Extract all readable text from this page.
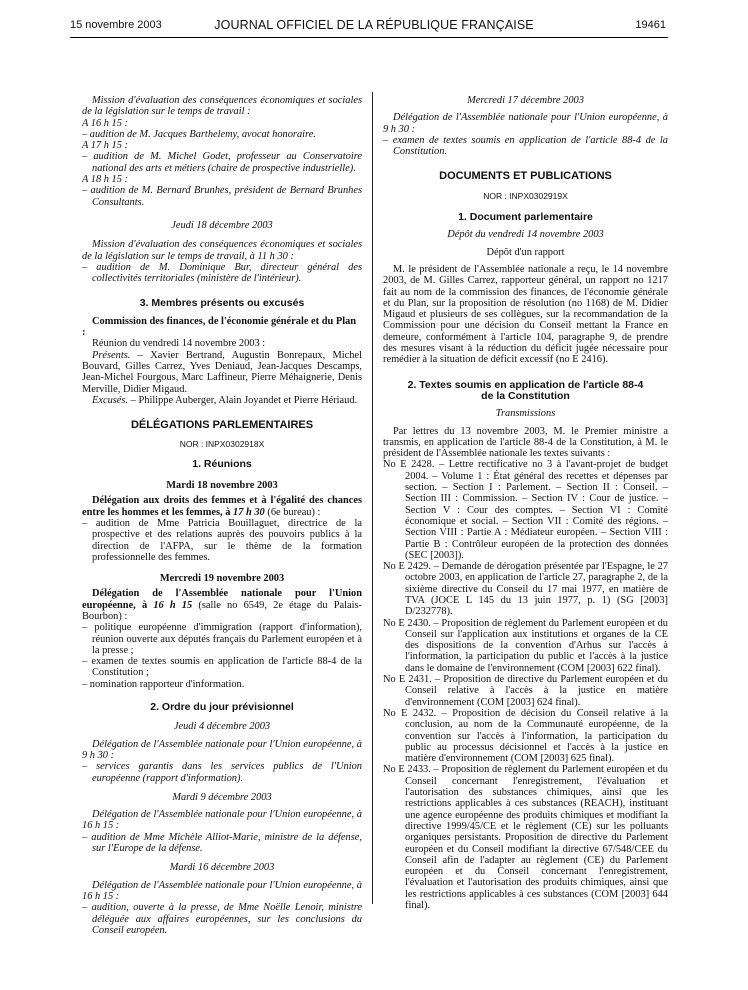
15 novembre 2003	JOURNAL OFFICIEL DE LA RÉPUBLIQUE FRANÇAISE	19461

Mission d'évaluation des conséquences économiques et sociales de la législation sur le temps de travail :

A 16 h 15 :

– audition de M. Jacques Barthelemy, avocat honoraire.

A 17 h 15 :

– audition de M. Michel Godet, professeur au Conservatoire national des arts et métiers (chaire de prospective industrielle).

A 18 h 15 :

– audition de M. Bernard Brunhes, président de Bernard Brunhes Consultants.

Jeudi 18 décembre 2003

Mission d'évaluation des conséquences économiques et sociales de la législation sur le temps de travail, à 11 h 30 :

– audition de M. Dominique Bur, directeur général des collectivités territoriales (ministère de l'intérieur).

3. Membres présents ou excusés

Commission des finances, de l'économie générale et du Plan :

Réunion du vendredi 14 novembre 2003 :

Présents. – Xavier Bertrand, Augustin Bonrepaux, Michel Bouvard, Gilles Carrez, Yves Deniaud, Jean-Jacques Descamps, Jean-Michel Fourgous, Marc Laffineur, Pierre Méhaignerie, Denis Merville, Didier Migaud.

Excusés. – Philippe Auberger, Alain Joyandet et Pierre Hériaud.

DÉLÉGATIONS PARLEMENTAIRES

NOR : INPX0302918X

1. Réunions

Mardi 18 novembre 2003

Délégation aux droits des femmes et à l'égalité des chances entre les hommes et les femmes, à 17 h 30 (6e bureau) :

– audition de Mme Patricia Bouillaguet, directrice de la prospective et des relations auprès des pouvoirs publics à la direction de l'AFPA, sur le thème de la formation professionnelle des femmes.

Mercredi 19 novembre 2003

Délégation de l'Assemblée nationale pour l'Union européenne, à 16 h 15 (salle no 6549, 2e étage du Palais-Bourbon) :

– politique européenne d'immigration (rapport d'information), réunion ouverte aux députés français du Parlement européen et à la presse ;

– examen de textes soumis en application de l'article 88-4 de la Constitution ;

– nomination rapporteur d'information.

2. Ordre du jour prévisionnel

Jeudi 4 décembre 2003

Délégation de l'Assemblée nationale pour l'Union européenne, à 9 h 30 :

– services garantis dans les services publics de l'Union européenne (rapport d'information).

Mardi 9 décembre 2003

Délégation de l'Assemblée nationale pour l'Union européenne, à 16 h 15 :

– audition de Mme Michèle Alliot-Marie, ministre de la défense, sur l'Europe de la défense.

Mardi 16 décembre 2003

Délégation de l'Assemblée nationale pour l'Union européenne, à 16 h 15 :

– audition, ouverte à la presse, de Mme Noëlle Lenoir, ministre déléguée aux affaires européennes, sur les conclusions du Conseil européen.

Mercredi 17 décembre 2003

Délégation de l'Assemblée nationale pour l'Union européenne, à 9 h 30 :

– examen de textes soumis en application de l'article 88-4 de la Constitution.

DOCUMENTS ET PUBLICATIONS

NOR : INPX0302919X

1. Document parlementaire

Dépôt du vendredi 14 novembre 2003

Dépôt d'un rapport

M. le président de l'Assemblée nationale a reçu, le 14 novembre 2003, de M. Gilles Carrez, rapporteur général, un rapport no 1217 fait au nom de la commission des finances, de l'économie générale et du Plan, sur la proposition de résolution (no 1168) de M. Didier Migaud et plusieurs de ses collègues, sur la recommandation de la Commission pour une décision du Conseil mettant la France en demeure, conformément à l'article 104, paragraphe 9, de prendre des mesures visant à la réduction du déficit jugée nécessaire pour remédier à la situation de déficit excessif (no E 2416).

2. Textes soumis en application de l'article 88-4

de la Constitution

Transmissions

Par lettres du 13 novembre 2003, M. le Premier ministre a transmis, en application de l'article 88-4 de la Constitution, à M. le président de l'Assemblée nationale les textes suivants :

No E 2428. – Lettre rectificative no 3 à l'avant-projet de budget 2004. – Volume 1 : État général des recettes et dépenses par section. – Section I : Parlement. – Section II : Conseil. – Section III : Commission. – Section IV : Cour de justice. – Section V : Cour des comptes. – Section VI : Comité économique et social. – Section VII : Comité des régions. – Section VIII : Partie A : Médiateur européen. – Section VIII : Partie B : Contrôleur européen de la protection des données (SEC [2003]).

No E 2429. – Demande de dérogation présentée par l'Espagne, le 27 octobre 2003, en application de l'article 27, paragraphe 2, de la sixième directive du Conseil du 17 mai 1977, en matière de TVA (JOCE L 145 du 13 juin 1977, p. 1) (SG [2003] D/232778).

No E 2430. – Proposition de règlement du Parlement européen et du Conseil sur l'application aux institutions et organes de la CE des dispositions de la convention d'Arhus sur l'accès à l'information, la participation du public et l'accès à la justice dans le domaine de l'environnement (COM [2003] 622 final).

No E 2431. – Proposition de directive du Parlement européen et du Conseil relative à l'accès à la justice en matière d'environnement (COM [2003] 624 final).

No E 2432. – Proposition de décision du Conseil relative à la conclusion, au nom de la Communauté européenne, de la convention sur l'accès à l'information, la participation du public au processus décisionnel et l'accès à la justice en matière d'environnement (COM [2003] 625 final).

No E 2433. – Proposition de règlement du Parlement européen et du Conseil concernant l'enregistrement, l'évaluation et l'autorisation des substances chimiques, ainsi que les restrictions applicables à ces substances (REACH), instituant une agence européenne des produits chimiques et modifiant la directive 1999/45/CE et le règlement (CE) sur les polluants organiques persistants. Proposition de directive du Parlement européen et du Conseil modifiant la directive 67/548/CEE du Conseil afin de l'adapter au règlement (CE) du Parlement européen et du Conseil concernant l'enregistrement, l'évaluation et l'autorisation des produits chimiques, ainsi que les restrictions applicables à ces substances (COM [2003] 644 final).
